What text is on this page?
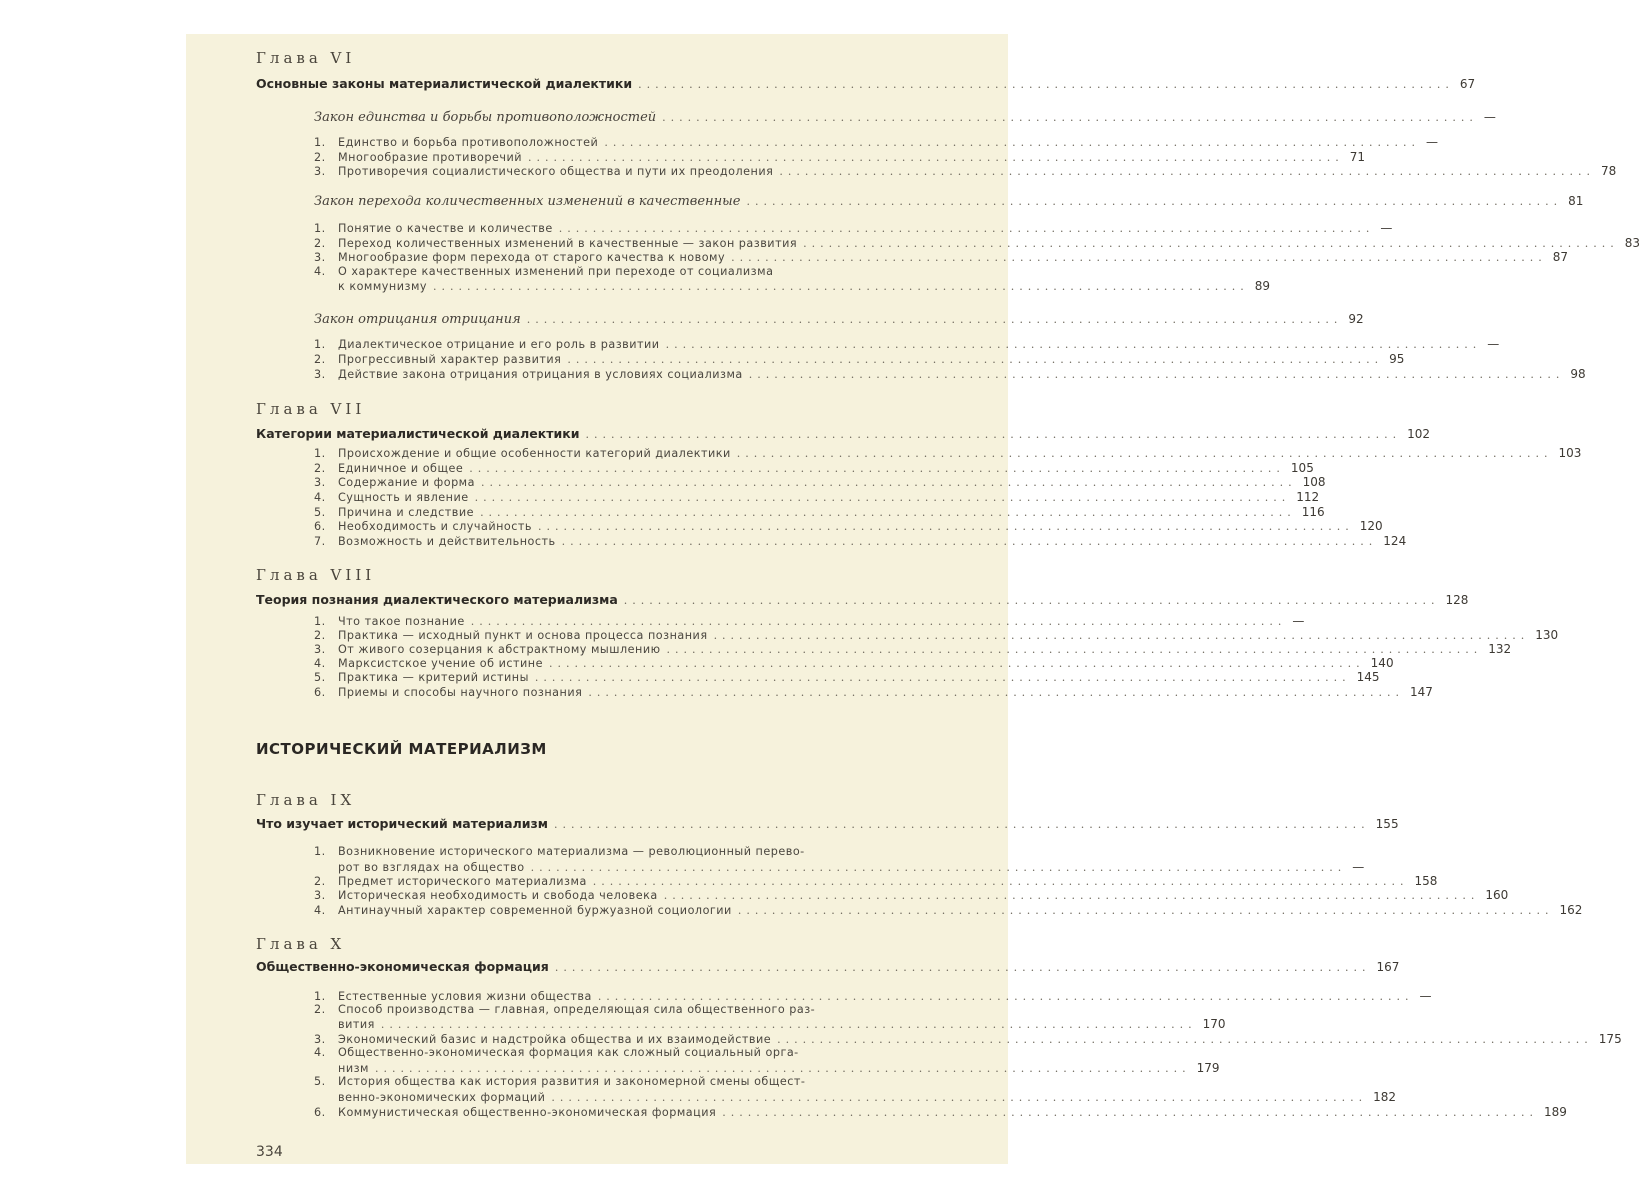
Глава VI
Основные законы материалистической диалектики ................................................................................................ 67
Закон единства и борьбы противоположностей ................................................................................................ —
1. Единство и борьба противоположностей ................................................................................................ —
2. Многообразие противоречий ................................................................................................ 71
3. Противоречия социалистического общества и пути их преодоления ................................................................................................ 78
Закон перехода количественных изменений в качественные ................................................................................................ 81
1. Понятие о качестве и количестве ................................................................................................ —
2. Переход количественных изменений в качественные — закон развития ................................................................................................ 83
3. Многообразие форм перехода от старого качества к новому ................................................................................................ 87
4. О характере качественных изменений при переходе от социализма
к коммунизму ................................................................................................ 89
Закон отрицания отрицания ................................................................................................ 92
1. Диалектическое отрицание и его роль в развитии ................................................................................................ —
2. Прогрессивный характер развития ................................................................................................ 95
3. Действие закона отрицания отрицания в условиях социализма ................................................................................................ 98
Глава VII
Категории материалистической диалектики ................................................................................................ 102
1. Происхождение и общие особенности категорий диалектики ................................................................................................ 103
2. Единичное и общее ................................................................................................ 105
3. Содержание и форма ................................................................................................ 108
4. Сущность и явление ................................................................................................ 112
5. Причина и следствие ................................................................................................ 116
6. Необходимость и случайность ................................................................................................ 120
7. Возможность и действительность ................................................................................................ 124
Глава VIII
Теория познания диалектического материализма ................................................................................................ 128
1. Что такое познание ................................................................................................ —
2. Практика — исходный пункт и основа процесса познания ................................................................................................ 130
3. От живого созерцания к абстрактному мышлению ................................................................................................ 132
4. Марксистское учение об истине ................................................................................................ 140
5. Практика — критерий истины ................................................................................................ 145
6. Приемы и способы научного познания ................................................................................................ 147
ИСТОРИЧЕСКИЙ МАТЕРИАЛИЗМ
Глава IX
Что изучает исторический материализм ................................................................................................ 155
1. Возникновение исторического материализма — революционный перево-
рот во взглядах на общество ................................................................................................ —
2. Предмет исторического материализма ................................................................................................ 158
3. Историческая необходимость и свобода человека ................................................................................................ 160
4. Антинаучный характер современной буржуазной социологии ................................................................................................ 162
Глава X
Общественно-экономическая формация ................................................................................................ 167
1. Естественные условия жизни общества ................................................................................................ —
2. Способ производства — главная, определяющая сила общественного раз-
вития ................................................................................................ 170
3. Экономический базис и надстройка общества и их взаимодействие ................................................................................................ 175
4. Общественно-экономическая формация как сложный социальный орга-
низм ................................................................................................ 179
5. История общества как история развития и закономерной смены общест-
венно-экономических формаций ................................................................................................ 182
6. Коммунистическая общественно-экономическая формация ................................................................................................ 189
334
